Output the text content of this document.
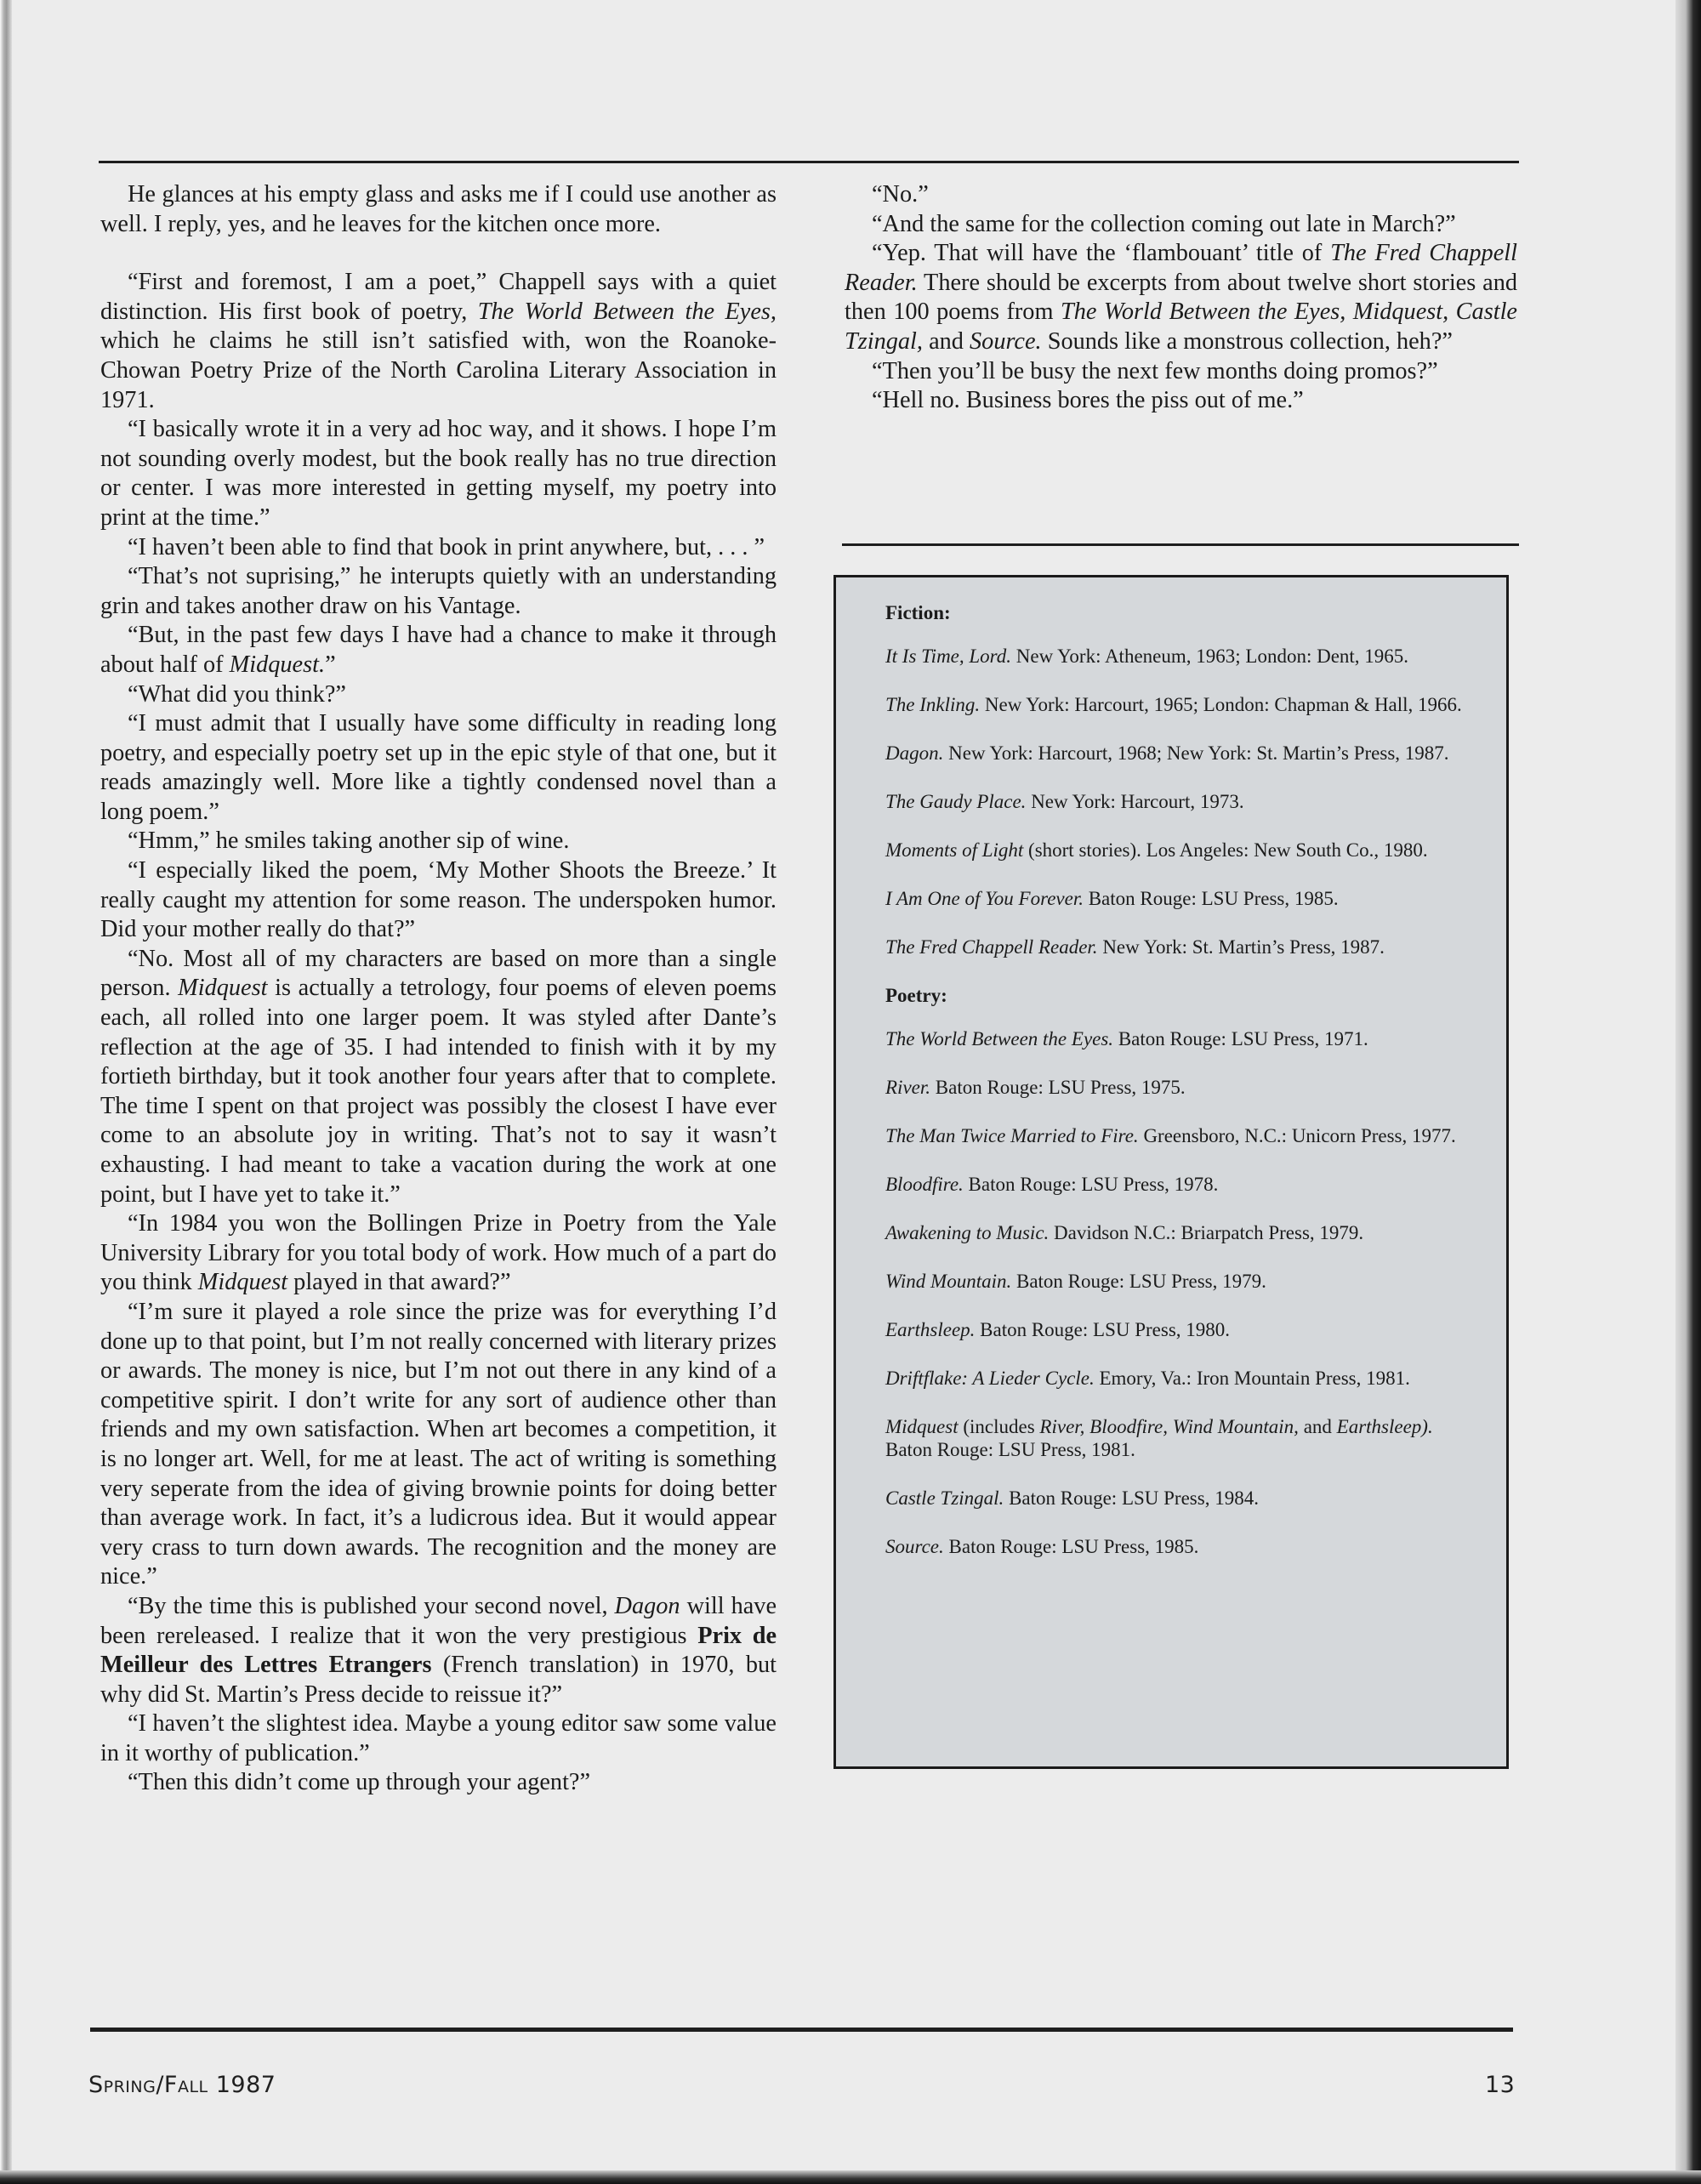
He glances at his empty glass and asks me if I could use another as well. I reply, yes, and he leaves for the kitchen once more.

“First and foremost, I am a poet,” Chappell says with a quiet distinction. His first book of poetry, The World Between the Eyes, which he claims he still isn’t satisfied with, won the Roanoke-Chowan Poetry Prize of the North Carolina Literary Association in 1971.

“I basically wrote it in a very ad hoc way, and it shows. I hope I’m not sounding overly modest, but the book really has no true direction or center. I was more interested in getting myself, my poetry into print at the time.”

“I haven’t been able to find that book in print anywhere, but, . . . ”

“That’s not suprising,” he interupts quietly with an understanding grin and takes another draw on his Vantage.

“But, in the past few days I have had a chance to make it through about half of Midquest.”

“What did you think?”

“I must admit that I usually have some difficulty in reading long poetry, and especially poetry set up in the epic style of that one, but it reads amazingly well. More like a tightly condensed novel than a long poem.”

“Hmm,” he smiles taking another sip of wine.

“I especially liked the poem, ‘My Mother Shoots the Breeze.’ It really caught my attention for some reason. The underspoken humor. Did your mother really do that?”

“No. Most all of my characters are based on more than a single person. Midquest is actually a tetrology, four poems of eleven poems each, all rolled into one larger poem. It was styled after Dante’s reflection at the age of 35. I had intended to finish with it by my fortieth birthday, but it took another four years after that to complete. The time I spent on that project was possibly the closest I have ever come to an absolute joy in writing. That’s not to say it wasn’t exhausting. I had meant to take a vacation during the work at one point, but I have yet to take it.”

“In 1984 you won the Bollingen Prize in Poetry from the Yale University Library for you total body of work. How much of a part do you think Midquest played in that award?”

“I’m sure it played a role since the prize was for everything I’d done up to that point, but I’m not really concerned with literary prizes or awards. The money is nice, but I’m not out there in any kind of a competitive spirit. I don’t write for any sort of audience other than friends and my own satisfaction. When art becomes a competition, it is no longer art. Well, for me at least. The act of writing is something very seperate from the idea of giving brownie points for doing better than average work. In fact, it’s a ludicrous idea. But it would appear very crass to turn down awards. The recognition and the money are nice.”

“By the time this is published your second novel, Dagon will have been rereleased. I realize that it won the very prestigious Prix de Meilleur des Lettres Etrangers (French translation) in 1970, but why did St. Martin’s Press decide to reissue it?”

“I haven’t the slightest idea. Maybe a young editor saw some value in it worthy of publication.”

“Then this didn’t come up through your agent?”

“No.”

“And the same for the collection coming out late in March?”

“Yep. That will have the ‘flambouant’ title of The Fred Chappell Reader. There should be excerpts from about twelve short stories and then 100 poems from The World Between the Eyes, Midquest, Castle Tzingal, and Source. Sounds like a monstrous collection, heh?”

“Then you’ll be busy the next few months doing promos?”

“Hell no. Business bores the piss out of me.”

Fiction:

It Is Time, Lord. New York: Atheneum, 1963; London: Dent, 1965.

The Inkling. New York: Harcourt, 1965; London: Chapman & Hall, 1966.

Dagon. New York: Harcourt, 1968; New York: St. Martin’s Press, 1987.

The Gaudy Place. New York: Harcourt, 1973.

Moments of Light (short stories). Los Angeles: New South Co., 1980.

I Am One of You Forever. Baton Rouge: LSU Press, 1985.

The Fred Chappell Reader. New York: St. Martin’s Press, 1987.

Poetry:

The World Between the Eyes. Baton Rouge: LSU Press, 1971.

River. Baton Rouge: LSU Press, 1975.

The Man Twice Married to Fire. Greensboro, N.C.: Unicorn Press, 1977.

Bloodfire. Baton Rouge: LSU Press, 1978.

Awakening to Music. Davidson N.C.: Briarpatch Press, 1979.

Wind Mountain. Baton Rouge: LSU Press, 1979.

Earthsleep. Baton Rouge: LSU Press, 1980.

Driftflake: A Lieder Cycle. Emory, Va.: Iron Mountain Press, 1981.

Midquest (includes River, Bloodfire, Wind Mountain, and Earthsleep). Baton Rouge: LSU Press, 1981.

Castle Tzingal. Baton Rouge: LSU Press, 1984.

Source. Baton Rouge: LSU Press, 1985.

Spring/Fall 1987	13
